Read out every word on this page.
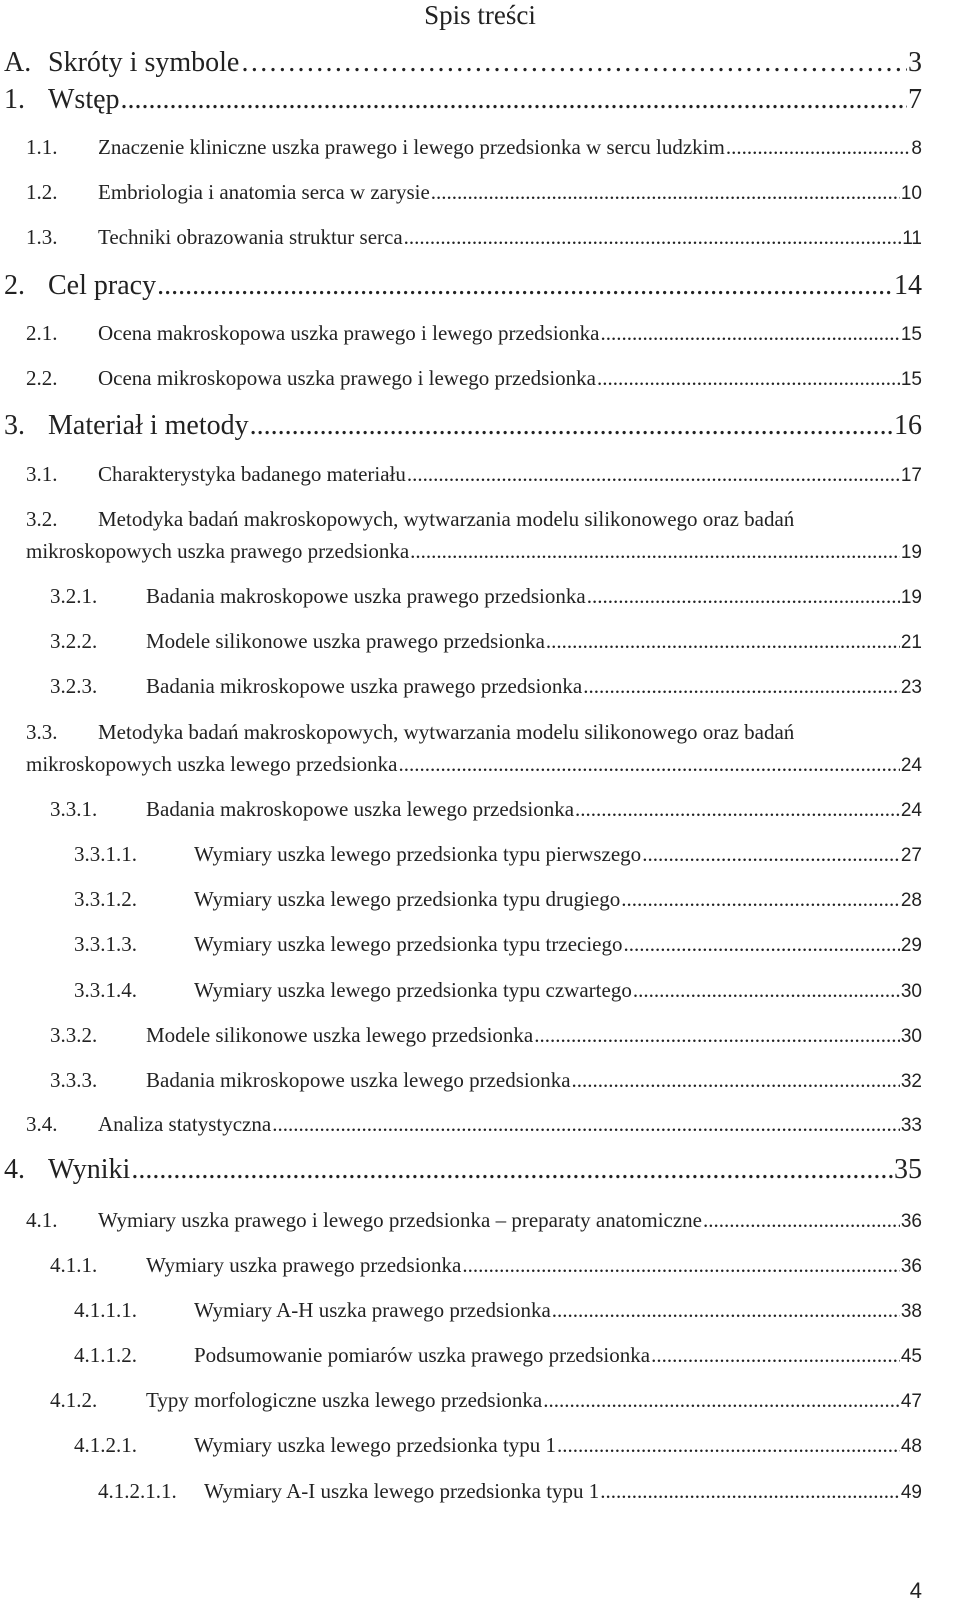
Spis treści
A. Skróty i symbole …………………………………………………………………………………………………………………………………………………………………………………………………………………………………………………………………………………………………………………………	3
1. Wstęp .....	7
1.1.	Znaczenie kliniczne uszka prawego i lewego przedsionka w sercu ludzkim .....	8
1.2.	Embriologia i anatomia serca w zarysie .....	10
1.3.	Techniki obrazowania struktur serca .....	11
2. Cel pracy .....	14
2.1.	Ocena makroskopowa uszka prawego i lewego przedsionka .....	15
2.2.	Ocena mikroskopowa uszka prawego i lewego przedsionka .....	15
3. Materiał i metody .....	16
3.1.	Charakterystyka badanego materiału .....	17
3.2.	Metodyka badań makroskopowych, wytwarzania modelu silikonowego oraz badań
mikroskopowych uszka prawego przedsionka .....	19
3.2.1.	Badania makroskopowe uszka prawego przedsionka .....	19
3.2.2.	Modele silikonowe uszka prawego przedsionka .....	21
3.2.3.	Badania mikroskopowe uszka prawego przedsionka .....	23
3.3.	Metodyka badań makroskopowych, wytwarzania modelu silikonowego oraz badań
mikroskopowych uszka lewego przedsionka .....	24
3.3.1.	Badania makroskopowe uszka lewego przedsionka .....	24
3.3.1.1.	Wymiary uszka lewego przedsionka typu pierwszego .....	27
3.3.1.2.	Wymiary uszka lewego przedsionka typu drugiego .....	28
3.3.1.3.	Wymiary uszka lewego przedsionka typu trzeciego .....	29
3.3.1.4.	Wymiary uszka lewego przedsionka typu czwartego .....	30
3.3.2.	Modele silikonowe uszka lewego przedsionka .....	30
3.3.3.	Badania mikroskopowe uszka lewego przedsionka .....	32
3.4.	Analiza statystyczna .....	33
4. Wyniki .....	35
4.1.	Wymiary uszka prawego i lewego przedsionka – preparaty anatomiczne .....	36
4.1.1.	Wymiary uszka prawego przedsionka .....	36
4.1.1.1.	Wymiary A-H uszka prawego przedsionka .....	38
4.1.1.2.	Podsumowanie pomiarów uszka prawego przedsionka .....	45
4.1.2.	Typy morfologiczne uszka lewego przedsionka .....	47
4.1.2.1.	Wymiary uszka lewego przedsionka typu 1 .....	48
4.1.2.1.1.	Wymiary A-I uszka lewego przedsionka typu 1 .....	49
4
